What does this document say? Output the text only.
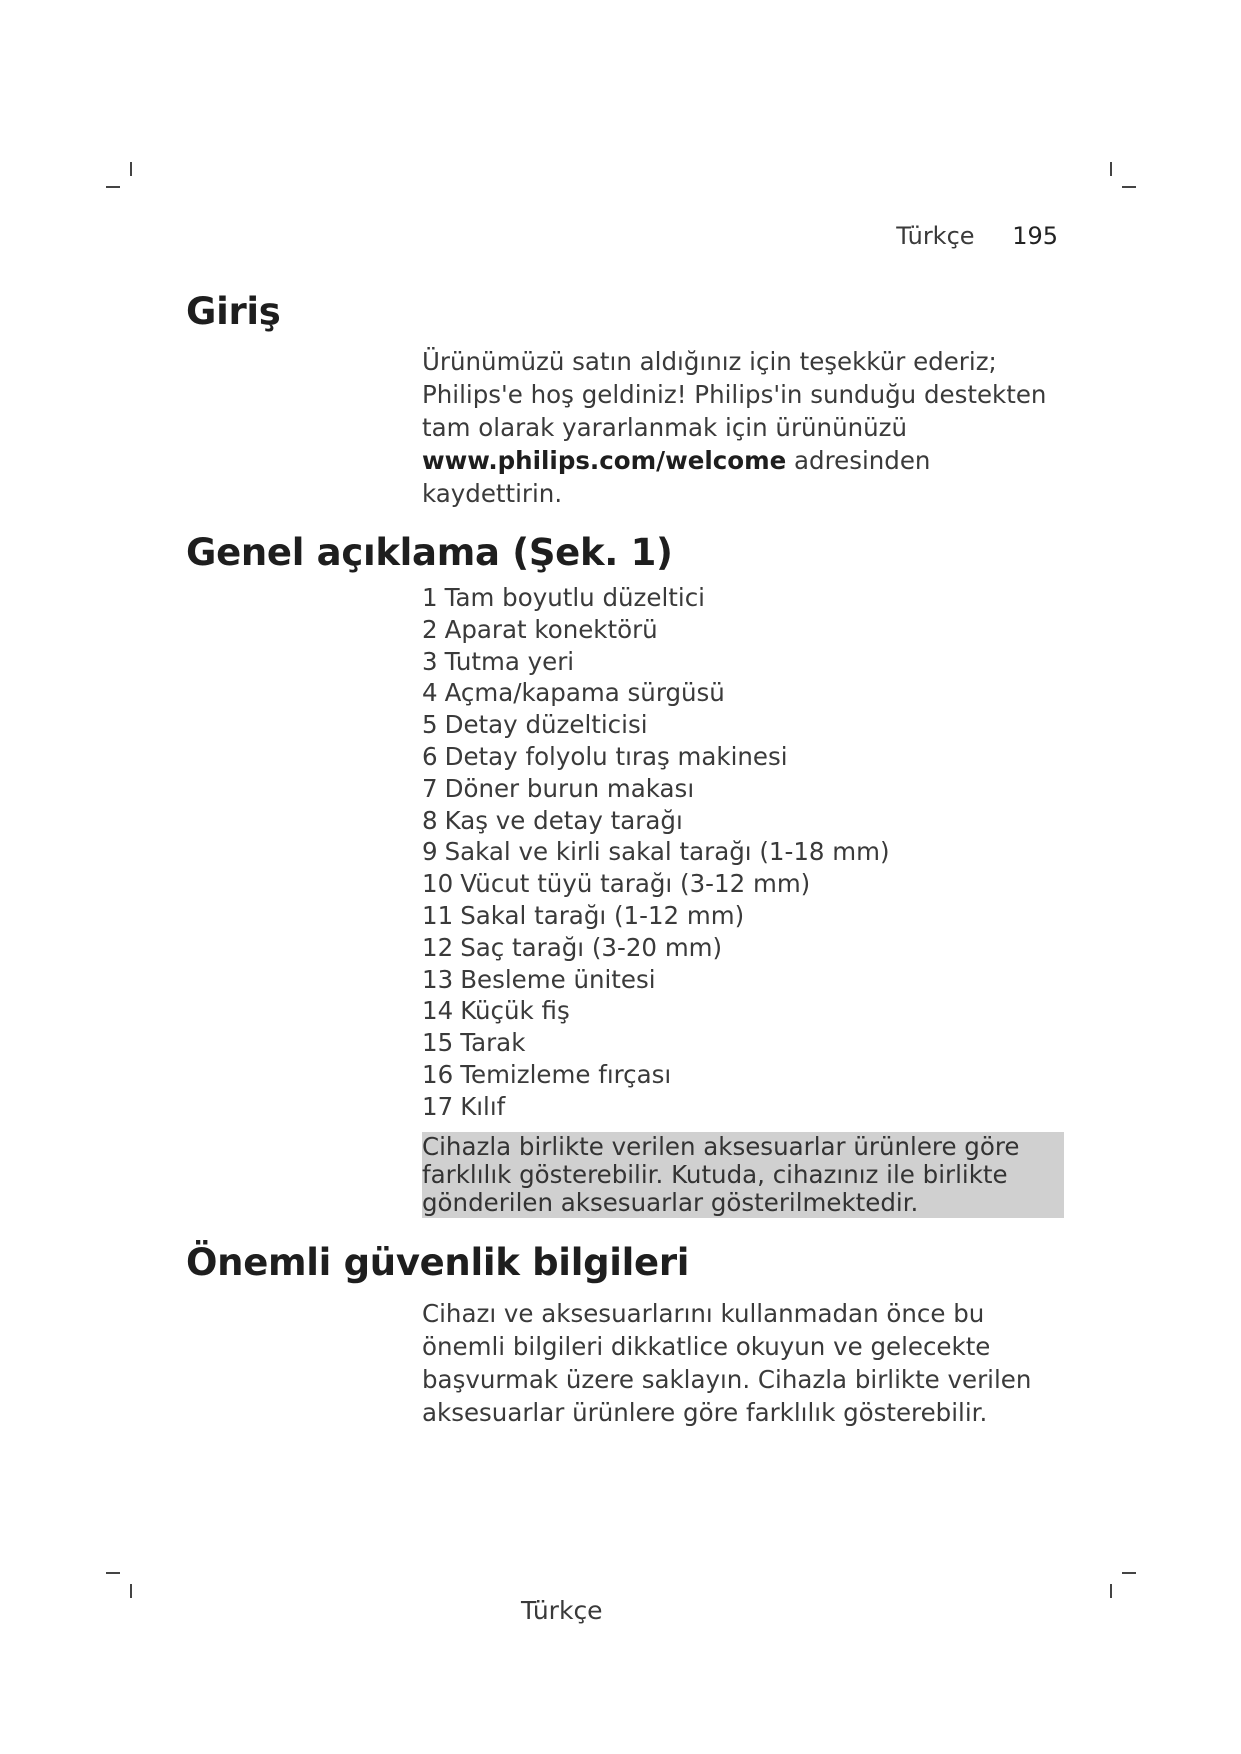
Türkçe 195
Giriş

Ürünümüzü satın aldığınız için teşekkür ederiz; Philips'e hoş geldiniz! Philips'in sunduğu destekten tam olarak yararlanmak için ürününüzü www.philips.com/welcome adresinden kaydettirin.

Genel açıklama (Şek. 1)
1 Tam boyutlu düzeltici
2 Aparat konektörü
3 Tutma yeri
4 Açma/kapama sürgüsü
5 Detay düzelticisi
6 Detay folyolu tıraş makinesi
7 Döner burun makası
8 Kaş ve detay tarağı
9 Sakal ve kirli sakal tarağı (1-18 mm)
10 Vücut tüyü tarağı (3-12 mm)
11 Sakal tarağı (1-12 mm)
12 Saç tarağı (3-20 mm)
13 Besleme ünitesi
14 Küçük fiş
15 Tarak
16 Temizleme fırçası
17 Kılıf
Cihazla birlikte verilen aksesuarlar ürünlere göre farklılık gösterebilir. Kutuda, cihazınız ile birlikte gönderilen aksesuarlar gösterilmektedir.
Önemli güvenlik bilgileri

Cihazı ve aksesuarlarını kullanmadan önce bu önemli bilgileri dikkatlice okuyun ve gelecekte başvurmak üzere saklayın. Cihazla birlikte verilen aksesuarlar ürünlere göre farklılık gösterebilir.

Türkçe
